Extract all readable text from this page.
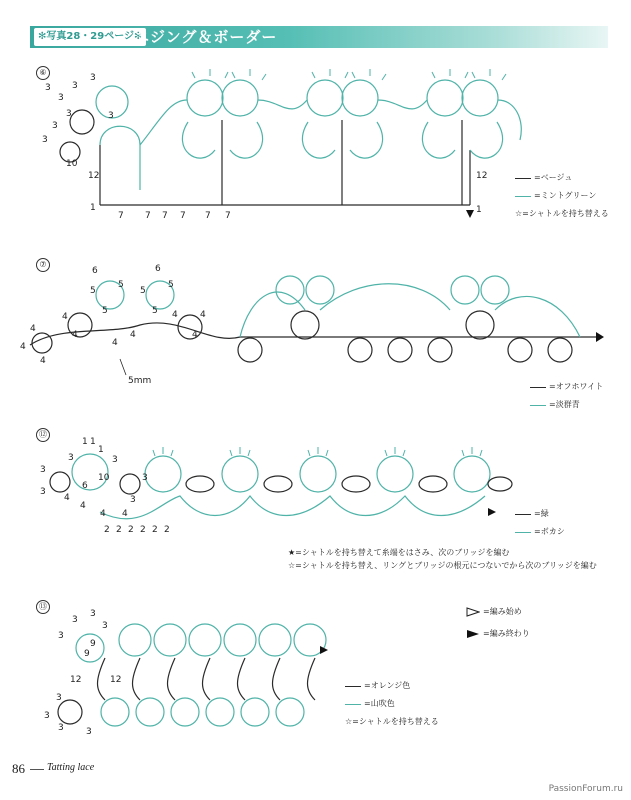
✻写真28・29ページ✻
エジング＆ボーダー
⑥
3
3
3
3
3
3
3	3
10
12
7 7 7 7 7 7
12
1	1
=ベージュ
=ミントグリーン
☆=シャトルを持ち替える
⑦
6	6
5
5
5
5
5	5
4
4
4
4
4
4
4
4
4
4
5mm
=オフホワイト
=淡群青
⑫
1 1
1
3
3
3
3
3
3
10
6
4
4
4 4
2 2 2 2 2 2
=緑
=ボカシ
★=シャトルを持ち替えて糸端をはさみ、次のブリッジを編む
☆=シャトルを持ち替え、リングとブリッジの根元につないでから次のブリッジを編む
⑬
3
3
3
3
9
9
12	12
3
3
3 3
=編み始め
=編み終わり
=オレンジ色
=山吹色
☆=シャトルを持ち替える
86 Tatting lace
PassionForum.ru
